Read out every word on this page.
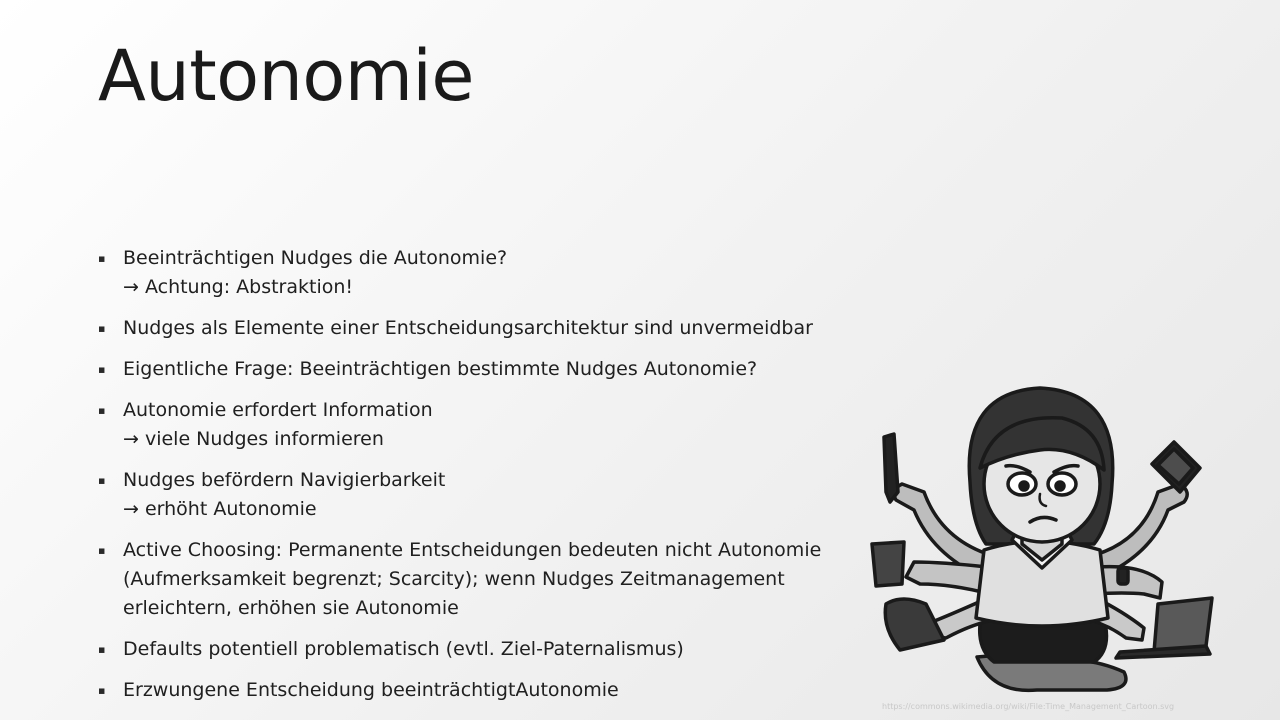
Autonomie
▪ Beeinträchtigen Nudges die Autonomie?
→ Achtung: Abstraktion!
▪ Nudges als Elemente einer Entscheidungsarchitektur sind unvermeidbar
▪ Eigentliche Frage: Beeinträchtigen bestimmte Nudges Autonomie?
▪ Autonomie erfordert Information
→ viele Nudges informieren
▪ Nudges befördern Navigierbarkeit
→ erhöht Autonomie
▪ Active Choosing: Permanente Entscheidungen bedeuten nicht Autonomie
(Aufmerksamkeit begrenzt; Scarcity); wenn Nudges Zeitmanagement
erleichtern, erhöhen sie Autonomie
▪ Defaults potentiell problematisch (evtl. Ziel-Paternalismus)
▪ Erzwungene Entscheidung beeinträchtigtAutonomie
https://commons.wikimedia.org/wiki/File:Time_Management_Cartoon.svg
